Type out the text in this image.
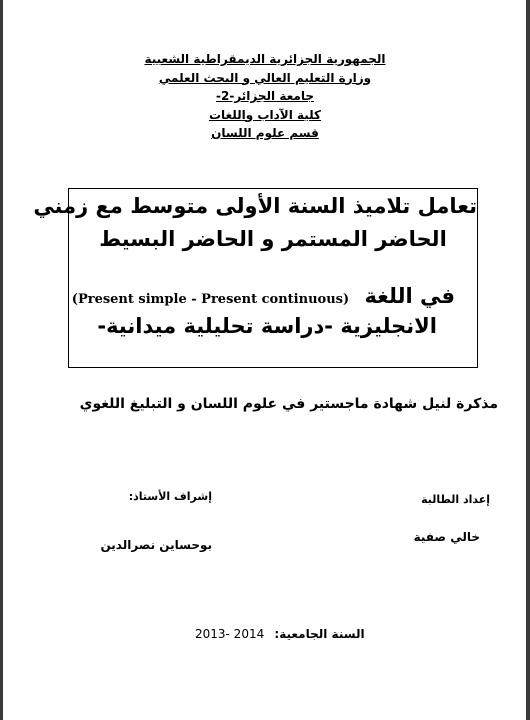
الجمهورية الجزائرية الديمقراطية الشعبية
وزارة التعليم العالي و البحث العلمي
جامعة الجزائر-2-
كلية الآداب واللغات
قسم علوم اللسان
تعامل تلاميذ السنة الأولى متوسط مع زمني
الحاضر المستمر و الحاضر البسيط
في اللغة (Present simple - Present continuous)
الانجليزية -دراسة تحليلية ميدانية-
مذكرة لنيل شهادة ماجستير في علوم اللسان و التبليغ اللغوي
إعداد الطالبة
إشراف الأستاذ:
خالي صفية
بوحساين نصرالدين
2013- 2014 السنة الجامعية:
